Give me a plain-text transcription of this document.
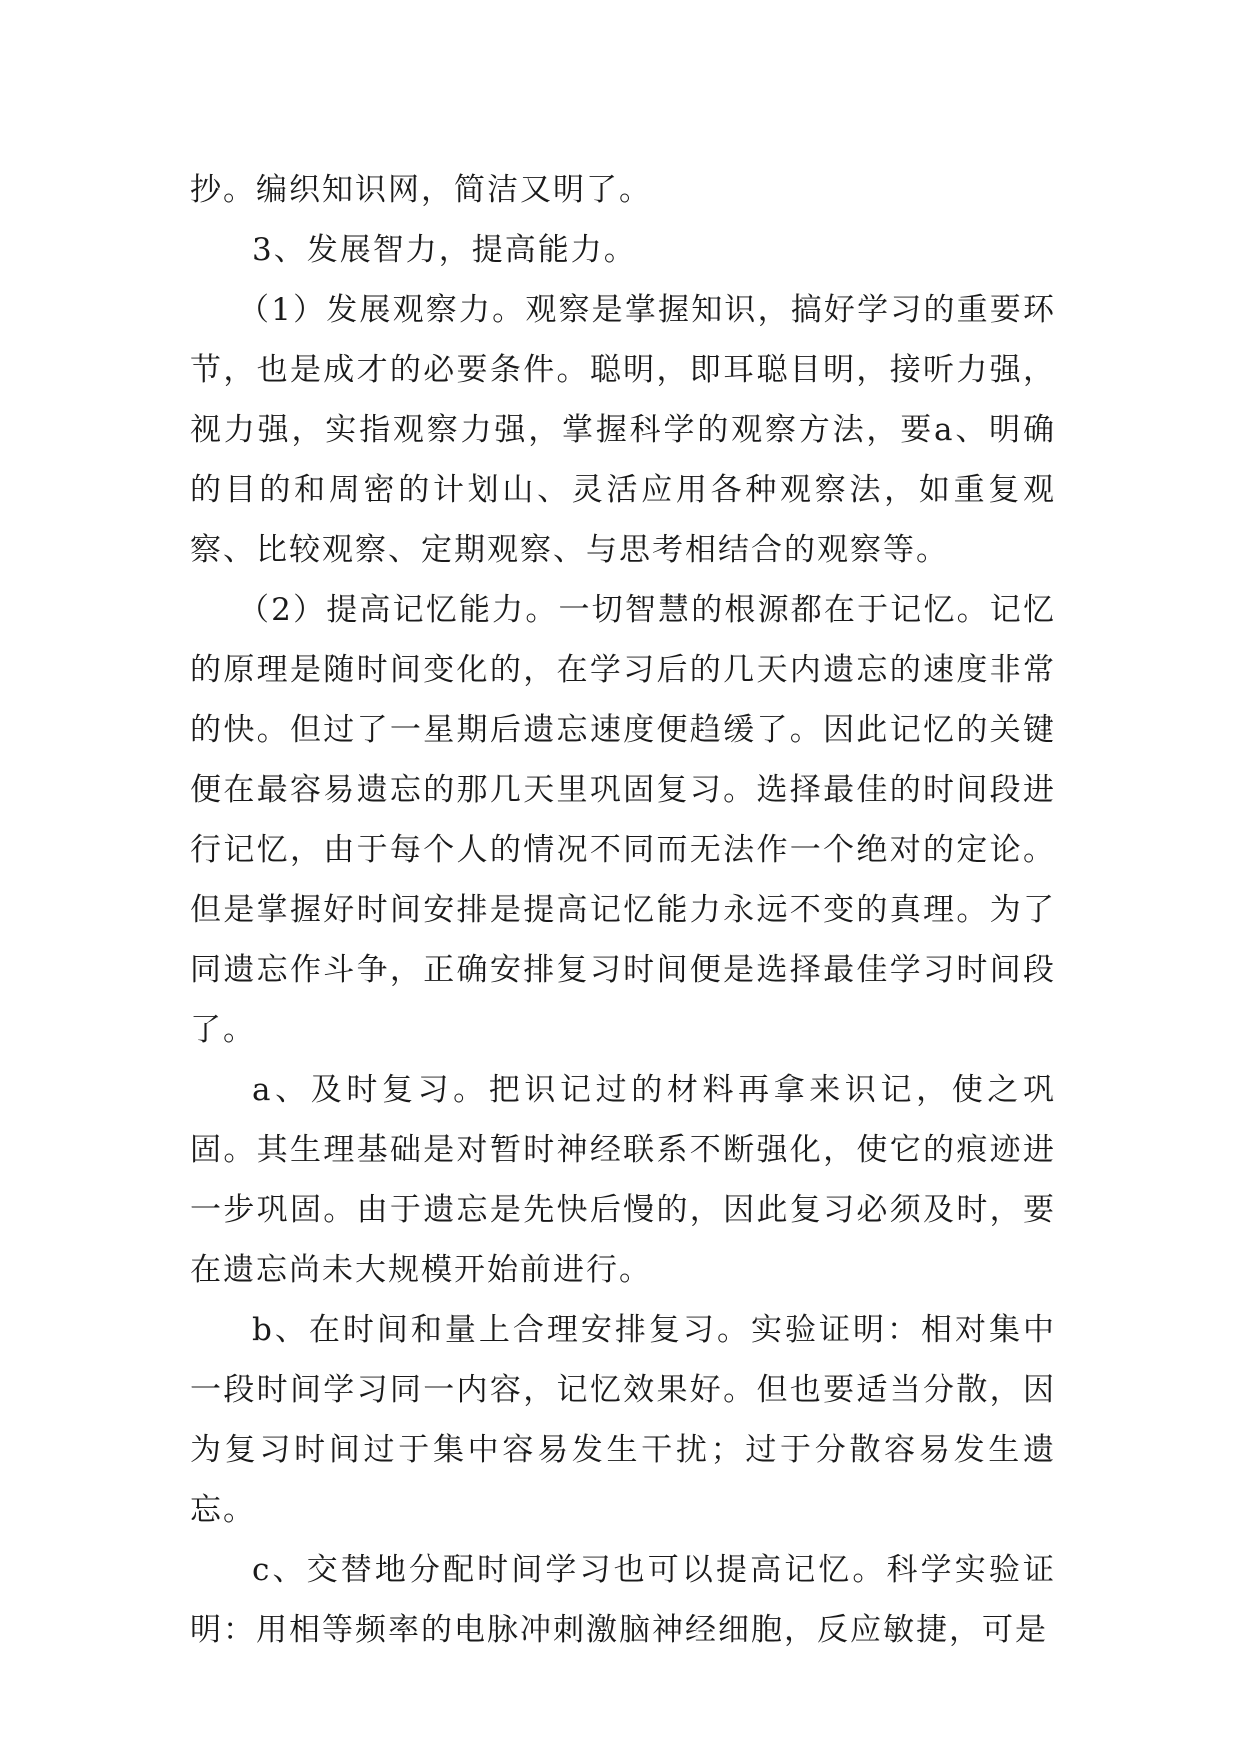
抄。编织知识网，简洁又明了。

3、发展智力，提高能力。

（1）发展观察力。观察是掌握知识，搞好学习的重要环节，也是成才的必要条件。聪明，即耳聪目明，接听力强，视力强，实指观察力强，掌握科学的观察方法，要a、明确的目的和周密的计划山、灵活应用各种观察法，如重复观察、比较观察、定期观察、与思考相结合的观察等。

（2）提高记忆能力。一切智慧的根源都在于记忆。记忆的原理是随时间变化的，在学习后的几天内遗忘的速度非常的快。但过了一星期后遗忘速度便趋缓了。因此记忆的关键便在最容易遗忘的那几天里巩固复习。选择最佳的时间段进行记忆，由于每个人的情况不同而无法作一个绝对的定论。但是掌握好时间安排是提高记忆能力永远不变的真理。为了同遗忘作斗争，正确安排复习时间便是选择最佳学习时间段了。

a、及时复习。把识记过的材料再拿来识记，使之巩固。其生理基础是对暂时神经联系不断强化，使它的痕迹进一步巩固。由于遗忘是先快后慢的，因此复习必须及时，要在遗忘尚未大规模开始前进行。

b、在时间和量上合理安排复习。实验证明：相对集中一段时间学习同一内容，记忆效果好。但也要适当分散，因为复习时间过于集中容易发生干扰；过于分散容易发生遗忘。

c、交替地分配时间学习也可以提高记忆。科学实验证明：用相等频率的电脉冲刺激脑神经细胞，反应敏捷，可是
